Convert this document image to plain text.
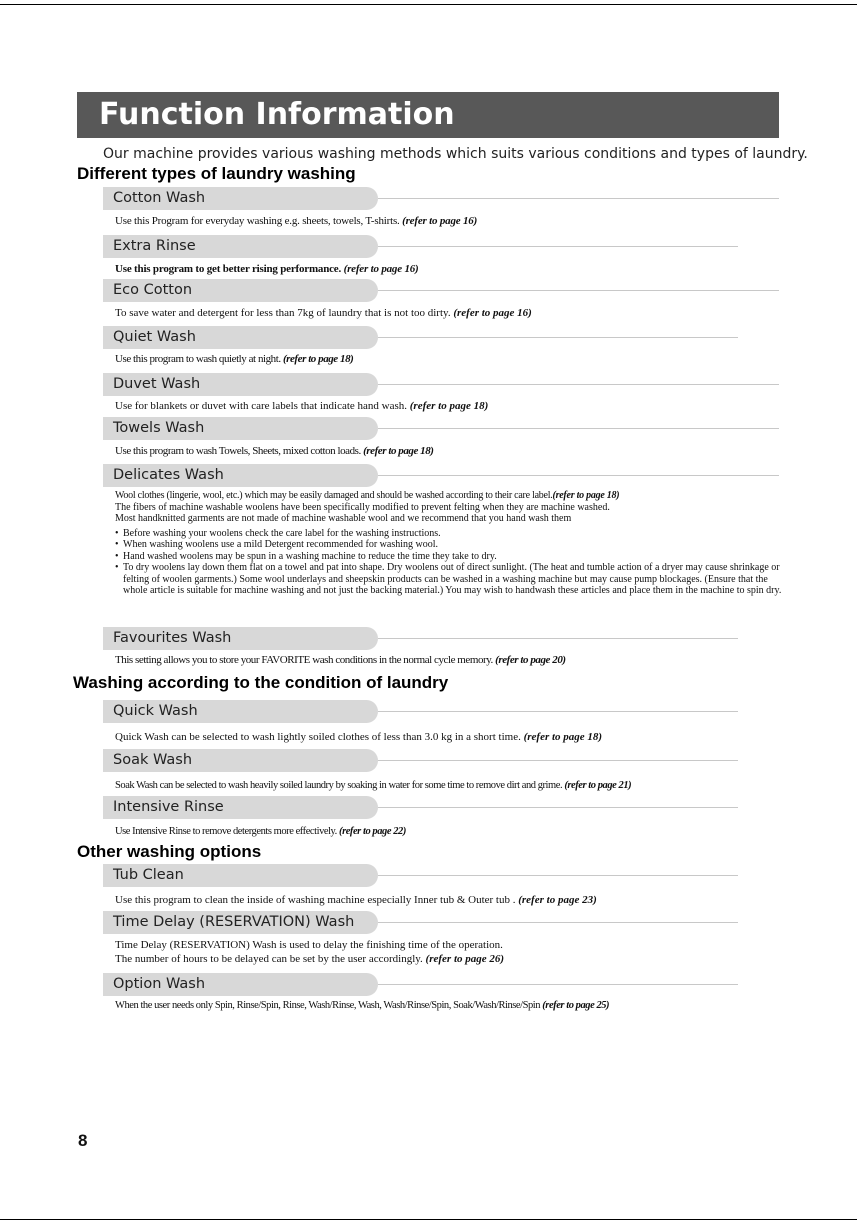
Function Information
Our machine provides various washing methods which suits various conditions and types of laundry.
Different types of laundry washing
Cotton Wash
Use this Program for everyday washing e.g. sheets, towels, T-shirts. (refer to page 16)
Extra Rinse
Use this program to get better rising performance. (refer to page 16)
Eco Cotton
To save water and detergent for less than 7kg of laundry that is not too dirty. (refer to page 16)
Quiet Wash
Use this program to wash quietly at night. (refer to page 18)
Duvet Wash
Use for blankets or duvet with care labels that indicate hand wash. (refer to page 18)
Towels Wash
Use this program to wash Towels, Sheets, mixed cotton loads. (refer to page 18)
Delicates Wash
Wool clothes (lingerie, wool, etc.) which may be easily damaged and should be washed according to their care label.(refer to page 18)
The fibers of machine washable woolens have been specifically modified to prevent felting when they are machine washed.
Most handknitted garments are not made of machine washable wool and we recommend that you hand wash them
• Before washing your woolens check the care label for the washing instructions.
• When washing woolens use a mild Detergent recommended for washing wool.
• Hand washed woolens may be spun in a washing machine to reduce the time they take to dry.
• To dry woolens lay down them flat on a towel and pat into shape. Dry woolens out of direct sunlight. (The heat and tumble action of a dryer may cause shrinkage or felting of woolen garments.) Some wool underlays and sheepskin products can be washed in a washing machine but may cause pump blockages. (Ensure that the whole article is suitable for machine washing and not just the backing material.) You may wish to handwash these articles and place them in the machine to spin dry.
Favourites Wash
This setting allows you to store your FAVORITE wash conditions in the normal cycle memory. (refer to page 20)
Washing according to the condition of laundry
Quick Wash
Quick Wash can be selected to wash lightly soiled clothes of less than 3.0 kg in a short time. (refer to page 18)
Soak Wash
Soak Wash can be selected to wash heavily soiled laundry by soaking in water for some time to remove dirt and grime. (refer to page 21)
Intensive Rinse
Use Intensive Rinse to remove detergents more effectively. (refer to page 22)
Other washing options
Tub Clean
Use this program to clean the inside of washing machine especially Inner tub & Outer tub . (refer to page 23)
Time Delay (RESERVATION) Wash
Time Delay (RESERVATION) Wash is used to delay the finishing time of the operation.
The number of hours to be delayed can be set by the user accordingly. (refer to page 26)
Option Wash
When the user needs only Spin, Rinse/Spin, Rinse, Wash/Rinse, Wash, Wash/Rinse/Spin, Soak/Wash/Rinse/Spin (refer to page 25)
8
